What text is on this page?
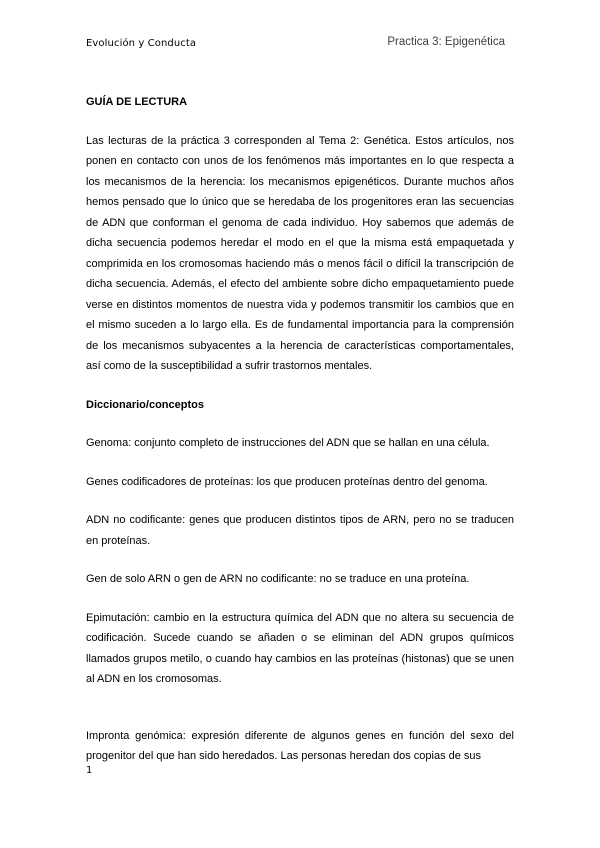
Evolución y Conducta	Practica 3: Epigenética

GUÍA DE LECTURA

Las lecturas de la práctica 3 corresponden al Tema 2: Genética. Estos artículos, nos ponen en contacto con unos de los fenómenos más importantes en lo que respecta a los mecanismos de la herencia: los mecanismos epigenéticos. Durante muchos años hemos pensado que lo único que se heredaba de los progenitores eran las secuencias de ADN que conforman el genoma de cada individuo. Hoy sabemos que además de dicha secuencia podemos heredar el modo en el que la misma está empaquetada y comprimida en los cromosomas haciendo más o menos fácil o difícil la transcripción de dicha secuencia. Además, el efecto del ambiente sobre dicho empaquetamiento puede verse en distintos momentos de nuestra vida y podemos transmitir los cambios que en el mismo suceden a lo largo ella. Es de fundamental importancia para la comprensión de los mecanismos subyacentes a la herencia de características comportamentales, así como de la susceptibilidad a sufrir trastornos mentales.

Diccionario/conceptos

Genoma: conjunto completo de instrucciones del ADN que se hallan en una célula.

Genes codificadores de proteínas: los que producen proteínas dentro del genoma.

ADN no codificante: genes que producen distintos tipos de ARN, pero no se traducen en proteínas.

Gen de solo ARN o gen de ARN no codificante: no se traduce en una proteína.

Epimutación: cambio en la estructura química del ADN que no altera su secuencia de codificación. Sucede cuando se añaden o se eliminan del ADN grupos químicos llamados grupos metilo, o cuando hay cambios en las proteínas (histonas) que se unen al ADN en los cromosomas.

Impronta genómica: expresión diferente de algunos genes en función del sexo del progenitor del que han sido heredados. Las personas heredan dos copias de sus

1
